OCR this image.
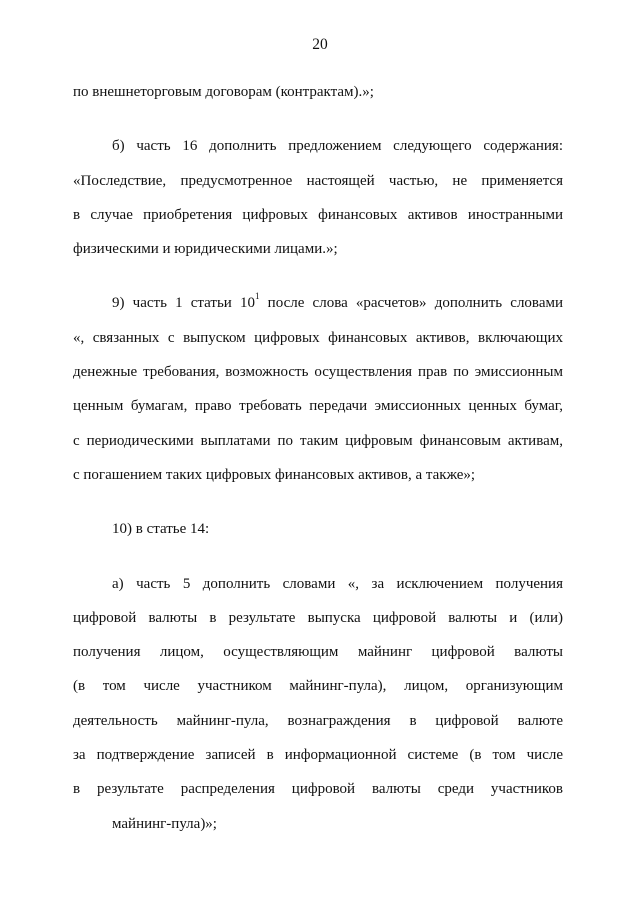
20
по внешнеторговым договорам (контрактам).»;
б) часть 16 дополнить предложением следующего содержания:
«Последствие, предусмотренное настоящей частью, не применяется
в случае приобретения цифровых финансовых активов иностранными
физическими и юридическими лицами.»;
9) часть 1 статьи $10^1$ после слова «расчетов» дополнить словами
«, связанных с выпуском цифровых финансовых активов, включающих
денежные требования, возможность осуществления прав по эмиссионным
ценным бумагам, право требовать передачи эмиссионных ценных бумаг,
с периодическими выплатами по таким цифровым финансовым активам,
с погашением таких цифровых финансовых активов, а также»;
10) в статье 14:
а) часть 5 дополнить словами «, за исключением получения
цифровой валюты в результате выпуска цифровой валюты и (или)
получения лицом, осуществляющим майнинг цифровой валюты
(в том числе участником майнинг-пула), лицом, организующим
деятельность майнинг-пула, вознаграждения в цифровой валюте
за подтверждение записей в информационной системе (в том числе
в результате распределения цифровой валюты среди участников
майнинг-пула)»;
